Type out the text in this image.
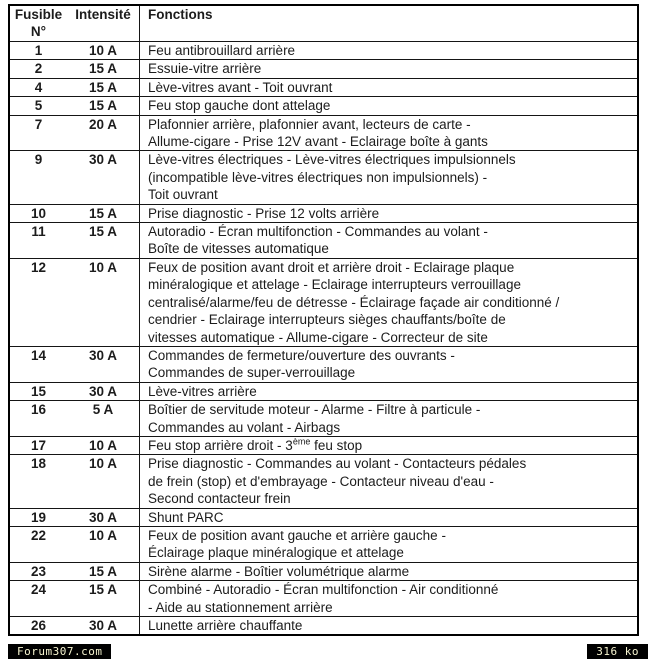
Fusible
N°
Intensité	Fonctions
1	10 A	Feu antibrouillard arrière
2	15 A	Essuie-vitre arrière
4	15 A	Lève-vitres avant - Toit ouvrant
5	15 A	Feu stop gauche dont attelage
7	20 A	Plafonnier arrière, plafonnier avant, lecteurs de carte -
Allume-cigare - Prise 12V avant - Eclairage boîte à gants
9	30 A	Lève-vitres électriques - Lève-vitres électriques impulsionnels
(incompatible lève-vitres électriques non impulsionnels) -
Toit ouvrant
10	15 A	Prise diagnostic - Prise 12 volts arrière
11	15 A	Autoradio - Écran multifonction - Commandes au volant -
Boîte de vitesses automatique
12	10 A	Feux de position avant droit et arrière droit - Eclairage plaque
minéralogique et attelage - Eclairage interrupteurs verrouillage
centralisé/alarme/feu de détresse - Éclairage façade air conditionné /
cendrier - Eclairage interrupteurs sièges chauffants/boîte de
vitesses automatique - Allume-cigare - Correcteur de site
14	30 A	Commandes de fermeture/ouverture des ouvrants -
Commandes de super-verrouillage
15	30 A	Lève-vitres arrière
16	5 A	Boîtier de servitude moteur - Alarme - Filtre à particule -
Commandes au volant - Airbags
17	10 A	Feu stop arrière droit - 3ème feu stop
18	10 A	Prise diagnostic - Commandes au volant - Contacteurs pédales
de frein (stop) et d'embrayage - Contacteur niveau d'eau -
Second contacteur frein
19	30 A	Shunt PARC
22	10 A	Feux de position avant gauche et arrière gauche -
Éclairage plaque minéralogique et attelage
23	15 A	Sirène alarme - Boîtier volumétrique alarme
24	15 A	Combiné - Autoradio - Écran multifonction - Air conditionné
- Aide au stationnement arrière
26	30 A	Lunette arrière chauffante
Forum307.com	316 ko
